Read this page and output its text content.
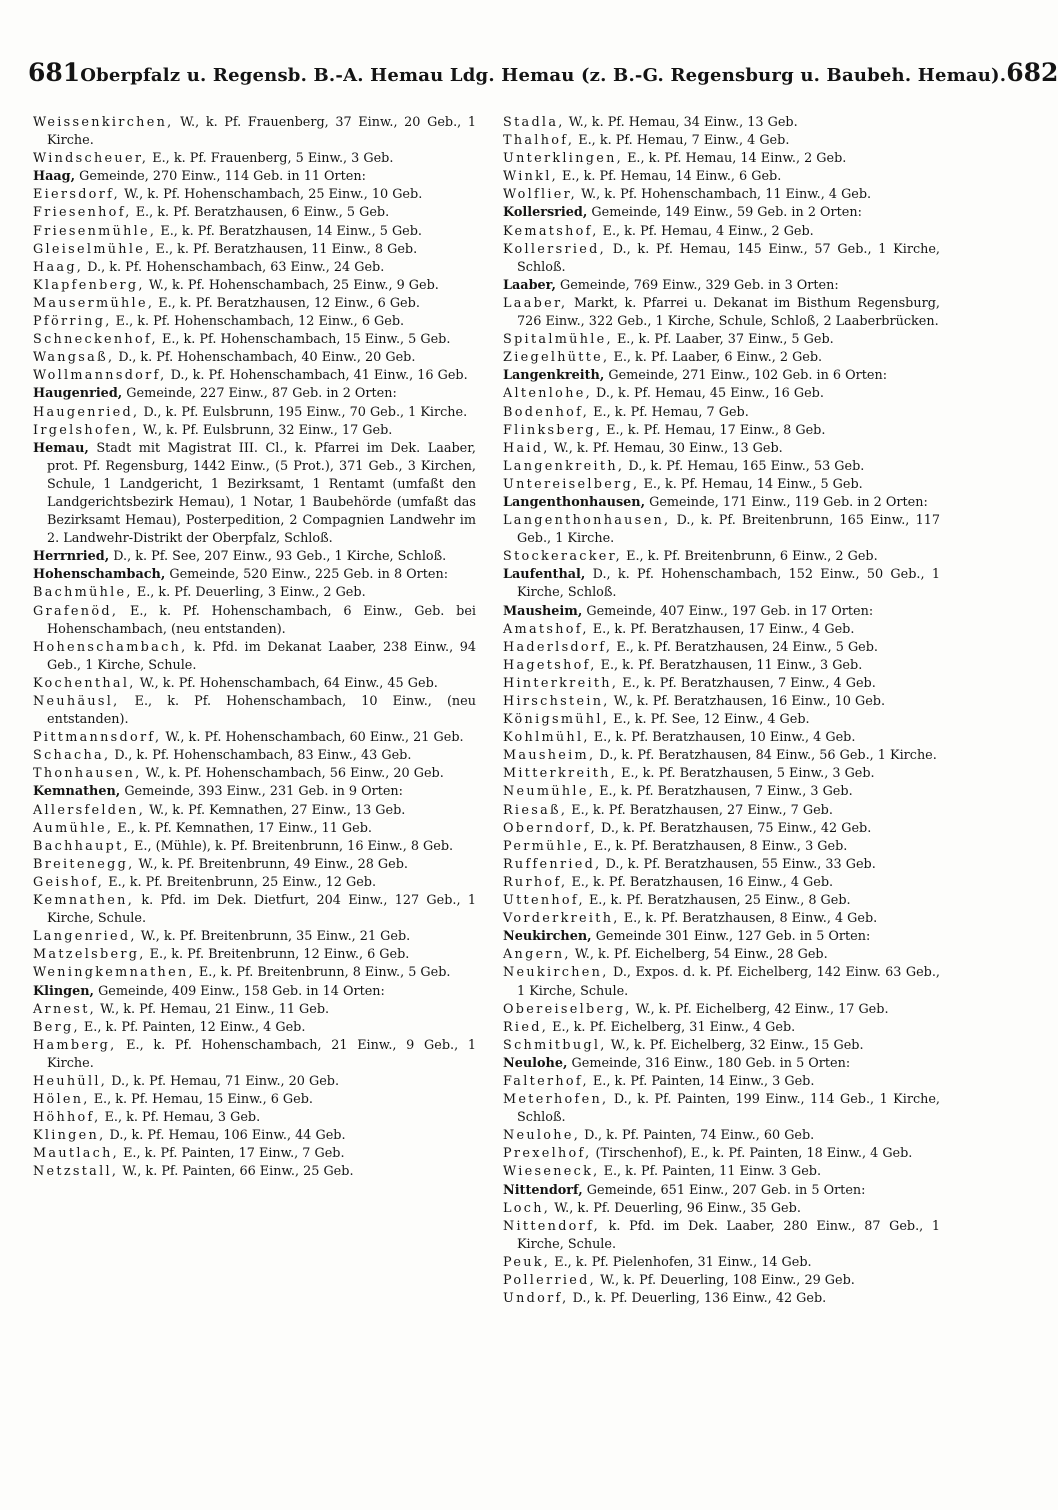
681 Oberpfalz u. Regensb. B.-A. Hemau Ldg. Hemau (z. B.-G. Regensburg u. Baubeh. Hemau). 682
Weissenkirchen, W., k. Pf. Frauenberg, 37 Einw., 20 Geb., 1 Kirche.
Windscheuer, E., k. Pf. Frauenberg, 5 Einw., 3 Geb.
Haag, Gemeinde, 270 Einw., 114 Geb. in 11 Orten:
Eiersdorf, W., k. Pf. Hohenschambach, 25 Einw., 10 Geb.
Friesenhof, E., k. Pf. Beratzhausen, 6 Einw., 5 Geb.
Friesenmühle, E., k. Pf. Beratzhausen, 14 Einw., 5 Geb.
Gleiselmühle, E., k. Pf. Beratzhausen, 11 Einw., 8 Geb.
Haag, D., k. Pf. Hohenschambach, 63 Einw., 24 Geb.
Klapfenberg, W., k. Pf. Hohenschambach, 25 Einw., 9 Geb.
Mausermühle, E., k. Pf. Beratzhausen, 12 Einw., 6 Geb.
Pförring, E., k. Pf. Hohenschambach, 12 Einw., 6 Geb.
Schneckenhof, E., k. Pf. Hohenschambach, 15 Einw., 5 Geb.
Wangsaß, D., k. Pf. Hohenschambach, 40 Einw., 20 Geb.
Wollmannsdorf, D., k. Pf. Hohenschambach, 41 Einw., 16 Geb.
Haugenried, Gemeinde, 227 Einw., 87 Geb. in 2 Orten:
Haugenried, D., k. Pf. Eulsbrunn, 195 Einw., 70 Geb., 1 Kirche.
Irgelshofen, W., k. Pf. Eulsbrunn, 32 Einw., 17 Geb.
Hemau, Stadt mit Magistrat III. Cl., k. Pfarrei im Dek. Laaber, prot. Pf. Regensburg, 1442 Einw., (5 Prot.), 371 Geb., 3 Kirchen, Schule, 1 Landgericht, 1 Bezirksamt, 1 Rentamt (umfaßt den Landgerichtsbezirk Hemau), 1 Notar, 1 Baubehörde (umfaßt das Bezirksamt Hemau), Posterpedition, 2 Compagnien Landwehr im 2. Landwehr-Distrikt der Oberpfalz, Schloß.
Herrnried, D., k. Pf. See, 207 Einw., 93 Geb., 1 Kirche, Schloß.
Hohenschambach, Gemeinde, 520 Einw., 225 Geb. in 8 Orten:
Bachmühle, E., k. Pf. Deuerling, 3 Einw., 2 Geb.
Grafenöd, E., k. Pf. Hohenschambach, 6 Einw., Geb. bei Hohenschambach, (neu entstanden).
Hohenschambach, k. Pfd. im Dekanat Laaber, 238 Einw., 94 Geb., 1 Kirche, Schule.
Kochenthal, W., k. Pf. Hohenschambach, 64 Einw., 45 Geb.
Neuhäusl, E., k. Pf. Hohenschambach, 10 Einw., (neu entstanden).
Pittmannsdorf, W., k. Pf. Hohenschambach, 60 Einw., 21 Geb.
Schacha, D., k. Pf. Hohenschambach, 83 Einw., 43 Geb.
Thonhausen, W., k. Pf. Hohenschambach, 56 Einw., 20 Geb.
Kemnathen, Gemeinde, 393 Einw., 231 Geb. in 9 Orten:
Allersfelden, W., k. Pf. Kemnathen, 27 Einw., 13 Geb.
Aumühle, E., k. Pf. Kemnathen, 17 Einw., 11 Geb.
Bachhaupt, E., (Mühle), k. Pf. Breitenbrunn, 16 Einw., 8 Geb.
Breitenegg, W., k. Pf. Breitenbrunn, 49 Einw., 28 Geb.
Geishof, E., k. Pf. Breitenbrunn, 25 Einw., 12 Geb.
Kemnathen, k. Pfd. im Dek. Dietfurt, 204 Einw., 127 Geb., 1 Kirche, Schule.
Langenried, W., k. Pf. Breitenbrunn, 35 Einw., 21 Geb.
Matzelsberg, E., k. Pf. Breitenbrunn, 12 Einw., 6 Geb.
Weningkemnathen, E., k. Pf. Breitenbrunn, 8 Einw., 5 Geb.
Klingen, Gemeinde, 409 Einw., 158 Geb. in 14 Orten:
Arnest, W., k. Pf. Hemau, 21 Einw., 11 Geb.
Berg, E., k. Pf. Painten, 12 Einw., 4 Geb.
Hamberg, E., k. Pf. Hohenschambach, 21 Einw., 9 Geb., 1 Kirche.
Heuhüll, D., k. Pf. Hemau, 71 Einw., 20 Geb.
Hölen, E., k. Pf. Hemau, 15 Einw., 6 Geb.
Höhhof, E., k. Pf. Hemau, 3 Geb.
Klingen, D., k. Pf. Hemau, 106 Einw., 44 Geb.
Mautlach, E., k. Pf. Painten, 17 Einw., 7 Geb.
Netzstall, W., k. Pf. Painten, 66 Einw., 25 Geb.
Stadla, W., k. Pf. Hemau, 34 Einw., 13 Geb.
Thalhof, E., k. Pf. Hemau, 7 Einw., 4 Geb.
Unterklingen, E., k. Pf. Hemau, 14 Einw., 2 Geb.
Winkl, E., k. Pf. Hemau, 14 Einw., 6 Geb.
Wolflier, W., k. Pf. Hohenschambach, 11 Einw., 4 Geb.
Kollersried, Gemeinde, 149 Einw., 59 Geb. in 2 Orten:
Kematshof, E., k. Pf. Hemau, 4 Einw., 2 Geb.
Kollersried, D., k. Pf. Hemau, 145 Einw., 57 Geb., 1 Kirche, Schloß.
Laaber, Gemeinde, 769 Einw., 329 Geb. in 3 Orten:
Laaber, Markt, k. Pfarrei u. Dekanat im Bisthum Regensburg, 726 Einw., 322 Geb., 1 Kirche, Schule, Schloß, 2 Laaberbrücken.
Spitalmühle, E., k. Pf. Laaber, 37 Einw., 5 Geb.
Ziegelhütte, E., k. Pf. Laaber, 6 Einw., 2 Geb.
Langenkreith, Gemeinde, 271 Einw., 102 Geb. in 6 Orten:
Altenlohe, D., k. Pf. Hemau, 45 Einw., 16 Geb.
Bodenhof, E., k. Pf. Hemau, 7 Geb.
Flinksberg, E., k. Pf. Hemau, 17 Einw., 8 Geb.
Haid, W., k. Pf. Hemau, 30 Einw., 13 Geb.
Langenkreith, D., k. Pf. Hemau, 165 Einw., 53 Geb.
Untereiselberg, E., k. Pf. Hemau, 14 Einw., 5 Geb.
Langenthonhausen, Gemeinde, 171 Einw., 119 Geb. in 2 Orten:
Langenthonhausen, D., k. Pf. Breitenbrunn, 165 Einw., 117 Geb., 1 Kirche.
Stockeracker, E., k. Pf. Breitenbrunn, 6 Einw., 2 Geb.
Laufenthal, D., k. Pf. Hohenschambach, 152 Einw., 50 Geb., 1 Kirche, Schloß.
Mausheim, Gemeinde, 407 Einw., 197 Geb. in 17 Orten:
Amatshof, E., k. Pf. Beratzhausen, 17 Einw., 4 Geb.
Haderlsdorf, E., k. Pf. Beratzhausen, 24 Einw., 5 Geb.
Hagetshof, E., k. Pf. Beratzhausen, 11 Einw., 3 Geb.
Hinterkreith, E., k. Pf. Beratzhausen, 7 Einw., 4 Geb.
Hirschstein, W., k. Pf. Beratzhausen, 16 Einw., 10 Geb.
Königsmühl, E., k. Pf. See, 12 Einw., 4 Geb.
Kohlmühl, E., k. Pf. Beratzhausen, 10 Einw., 4 Geb.
Mausheim, D., k. Pf. Beratzhausen, 84 Einw., 56 Geb., 1 Kirche.
Mitterkreith, E., k. Pf. Beratzhausen, 5 Einw., 3 Geb.
Neumühle, E., k. Pf. Beratzhausen, 7 Einw., 3 Geb.
Riesaß, E., k. Pf. Beratzhausen, 27 Einw., 7 Geb.
Oberndorf, D., k. Pf. Beratzhausen, 75 Einw., 42 Geb.
Permühle, E., k. Pf. Beratzhausen, 8 Einw., 3 Geb.
Ruffenried, D., k. Pf. Beratzhausen, 55 Einw., 33 Geb.
Rurhof, E., k. Pf. Beratzhausen, 16 Einw., 4 Geb.
Uttenhof, E., k. Pf. Beratzhausen, 25 Einw., 8 Geb.
Vorderkreith, E., k. Pf. Beratzhausen, 8 Einw., 4 Geb.
Neukirchen, Gemeinde 301 Einw., 127 Geb. in 5 Orten:
Angern, W., k. Pf. Eichelberg, 54 Einw., 28 Geb.
Neukirchen, D., Expos. d. k. Pf. Eichelberg, 142 Einw. 63 Geb., 1 Kirche, Schule.
Obereiselberg, W., k. Pf. Eichelberg, 42 Einw., 17 Geb.
Ried, E., k. Pf. Eichelberg, 31 Einw., 4 Geb.
Schmitbugl, W., k. Pf. Eichelberg, 32 Einw., 15 Geb.
Neulohe, Gemeinde, 316 Einw., 180 Geb. in 5 Orten:
Falterhof, E., k. Pf. Painten, 14 Einw., 3 Geb.
Meterhofen, D., k. Pf. Painten, 199 Einw., 114 Geb., 1 Kirche, Schloß.
Neulohe, D., k. Pf. Painten, 74 Einw., 60 Geb.
Prexelhof, (Tirschenhof), E., k. Pf. Painten, 18 Einw., 4 Geb.
Wieseneck, E., k. Pf. Painten, 11 Einw. 3 Geb.
Nittendorf, Gemeinde, 651 Einw., 207 Geb. in 5 Orten:
Loch, W., k. Pf. Deuerling, 96 Einw., 35 Geb.
Nittendorf, k. Pfd. im Dek. Laaber, 280 Einw., 87 Geb., 1 Kirche, Schule.
Peuk, E., k. Pf. Pielenhofen, 31 Einw., 14 Geb.
Pollerried, W., k. Pf. Deuerling, 108 Einw., 29 Geb.
Undorf, D., k. Pf. Deuerling, 136 Einw., 42 Geb.
